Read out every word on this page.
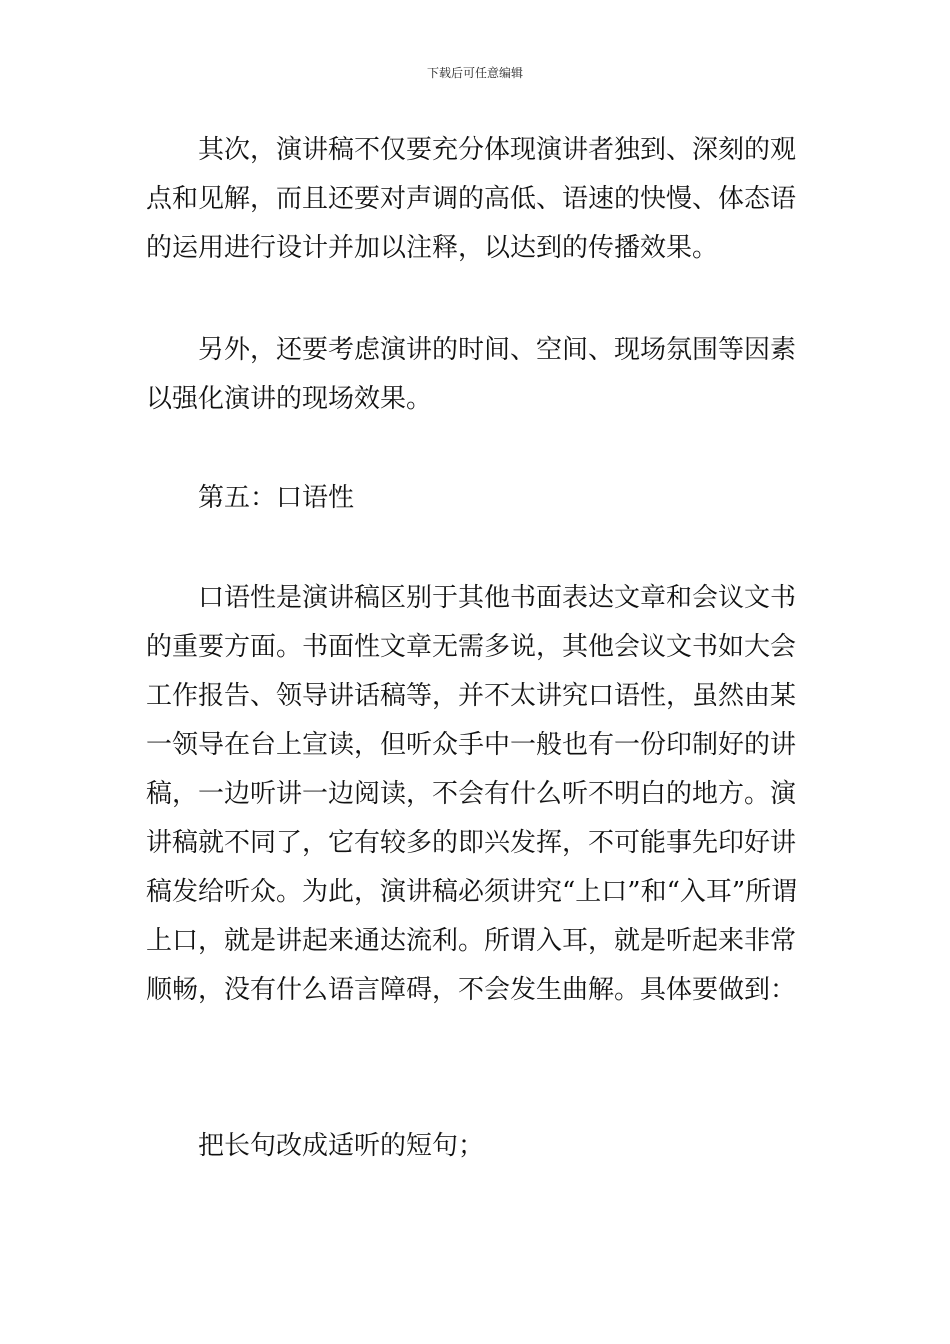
下载后可任意编辑

其次，演讲稿不仅要充分体现演讲者独到、深刻的观点和见解，而且还要对声调的高低、语速的快慢、体态语的运用进行设计并加以注释，以达到的传播效果。

另外，还要考虑演讲的时间、空间、现场氛围等因素以强化演讲的现场效果。

第五：口语性

口语性是演讲稿区别于其他书面表达文章和会议文书的重要方面。书面性文章无需多说，其他会议文书如大会工作报告、领导讲话稿等，并不太讲究口语性，虽然由某一领导在台上宣读，但听众手中一般也有一份印制好的讲稿，一边听讲一边阅读，不会有什么听不明白的地方。演讲稿就不同了，它有较多的即兴发挥，不可能事先印好讲稿发给听众。为此，演讲稿必须讲究“上口”和“入耳”所谓上口，就是讲起来通达流利。所谓入耳，就是听起来非常顺畅，没有什么语言障碍，不会发生曲解。具体要做到：

把长句改成适听的短句；
